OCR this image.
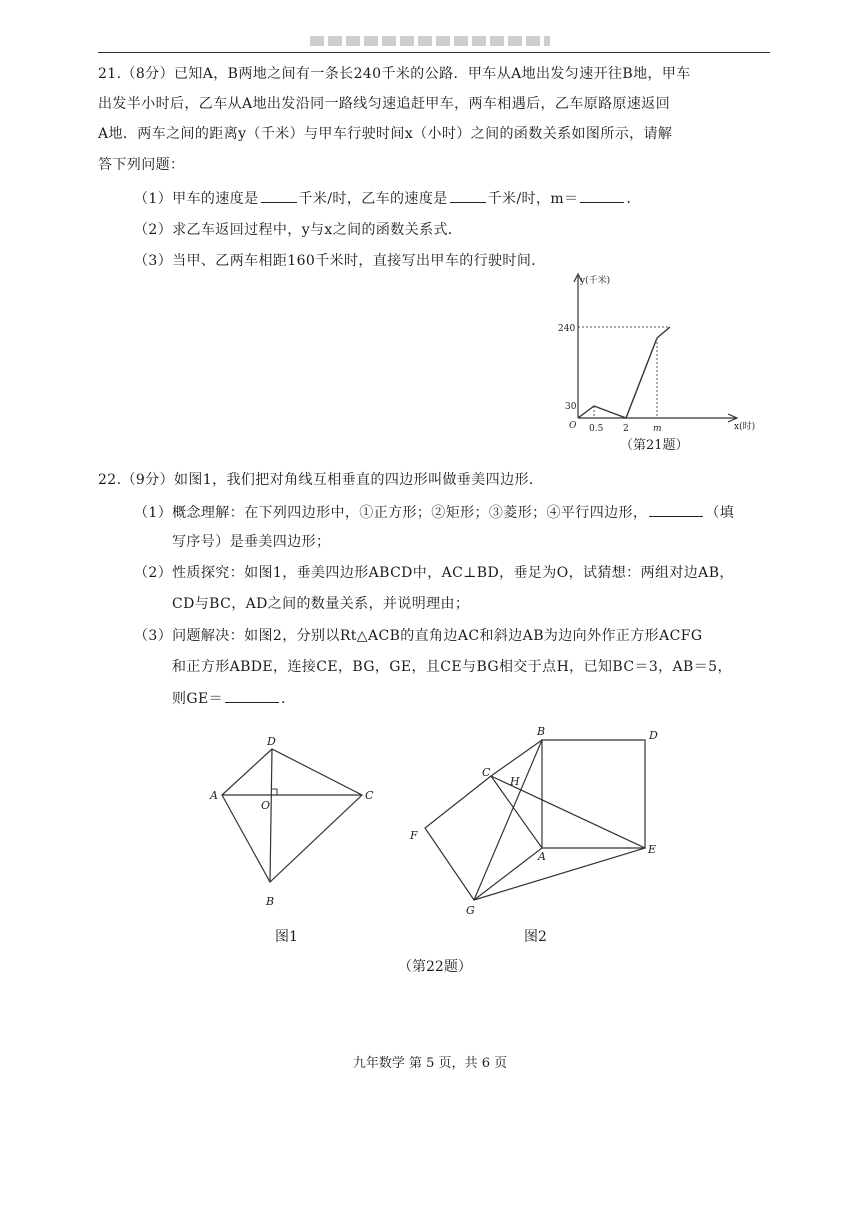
21.（8分）已知A，B两地之间有一条长240千米的公路．甲车从A地出发匀速开往B地，甲车
出发半小时后，乙车从A地出发沿同一路线匀速追赶甲车，两车相遇后，乙车原路原速返回
A地．两车之间的距离y（千米）与甲车行驶时间x（小时）之间的函数关系如图所示，请解
答下列问题：
（1）甲车的速度是	千米/时，乙车的速度是	千米/时，m＝	．
（2）求乙车返回过程中，y与x之间的函数关系式．
（3）当甲、乙两车相距160千米时，直接写出甲车的行驶时间．
y(千米)
x(时)
240
30
O 0.5 2	m
（第21题）
22.（9分）如图1，我们把对角线互相垂直的四边形叫做垂美四边形．
（1）概念理解：在下列四边形中，①正方形；②矩形；③菱形；④平行四边形，	（填
写序号）是垂美四边形；
（2）性质探究：如图1，垂美四边形ABCD中，AC⊥BD，垂足为O，试猜想：两组对边AB，
CD与BC，AD之间的数量关系，并说明理由；
（3）问题解决：如图2，分别以Rt△ACB的直角边AC和斜边AB为边向外作正方形ACFG
和正方形ABDE，连接CE，BG，GE，且CE与BG相交于点H，已知BC＝3，AB＝5，
则GE＝	．
A
B
C
D
O
图1
A
B
C
D
E
F
G
H
图2
（第22题）
九年数学 第 5 页，共 6 页
